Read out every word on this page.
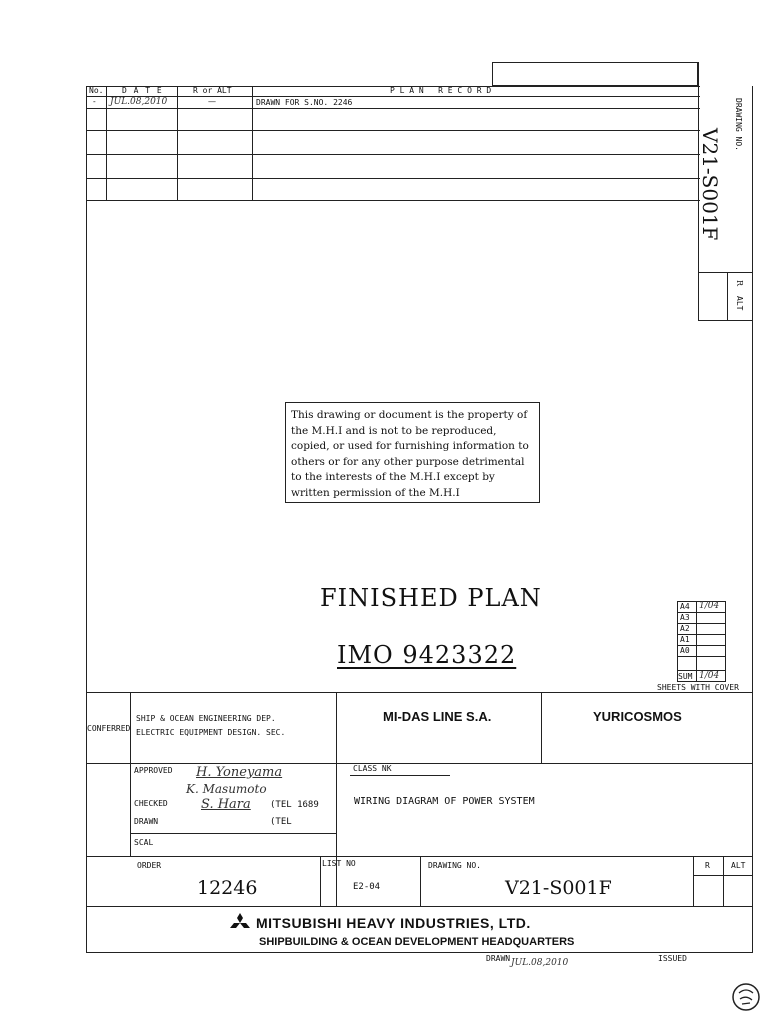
No. D A T E	R or ALT	P L A N   R E C O R D
- JUL.08,2010	—	DRAWN FOR S.NO. 2246	DRAWING NO.
V21-S001F
R
ALT
This drawing or document is the property of the M.H.I and is not to be reproduced, copied, or used for furnishing information to others or for any other purpose detrimental to the interests of the M.H.I except by written permission of the M.H.I
FINISHED PLAN
IMO 9423322
A4 1/04
A3
A2
A1
A0
SUM 1/04
SHEETS WITH COVER
CONFERRED
SHIP & OCEAN ENGINEERING DEP.
ELECTRIC EQUIPMENT DESIGN. SEC.
MI-DAS LINE S.A.	YURICOSMOS
APPROVED H. Yoneyama
K. Masumoto
CHECKED	S. Hara (TEL 1689
DRAWN	(TEL
SCAL
CLASS NK
WIRING DIAGRAM OF POWER SYSTEM
ORDER
12246
LIST NO
E2-04
DRAWING NO.
V21-S001F
R	ALT
MITSUBISHI HEAVY INDUSTRIES, LTD.
SHIPBUILDING & OCEAN DEVELOPMENT HEADQUARTERS
DRAWN JUL.08,2010	ISSUED
